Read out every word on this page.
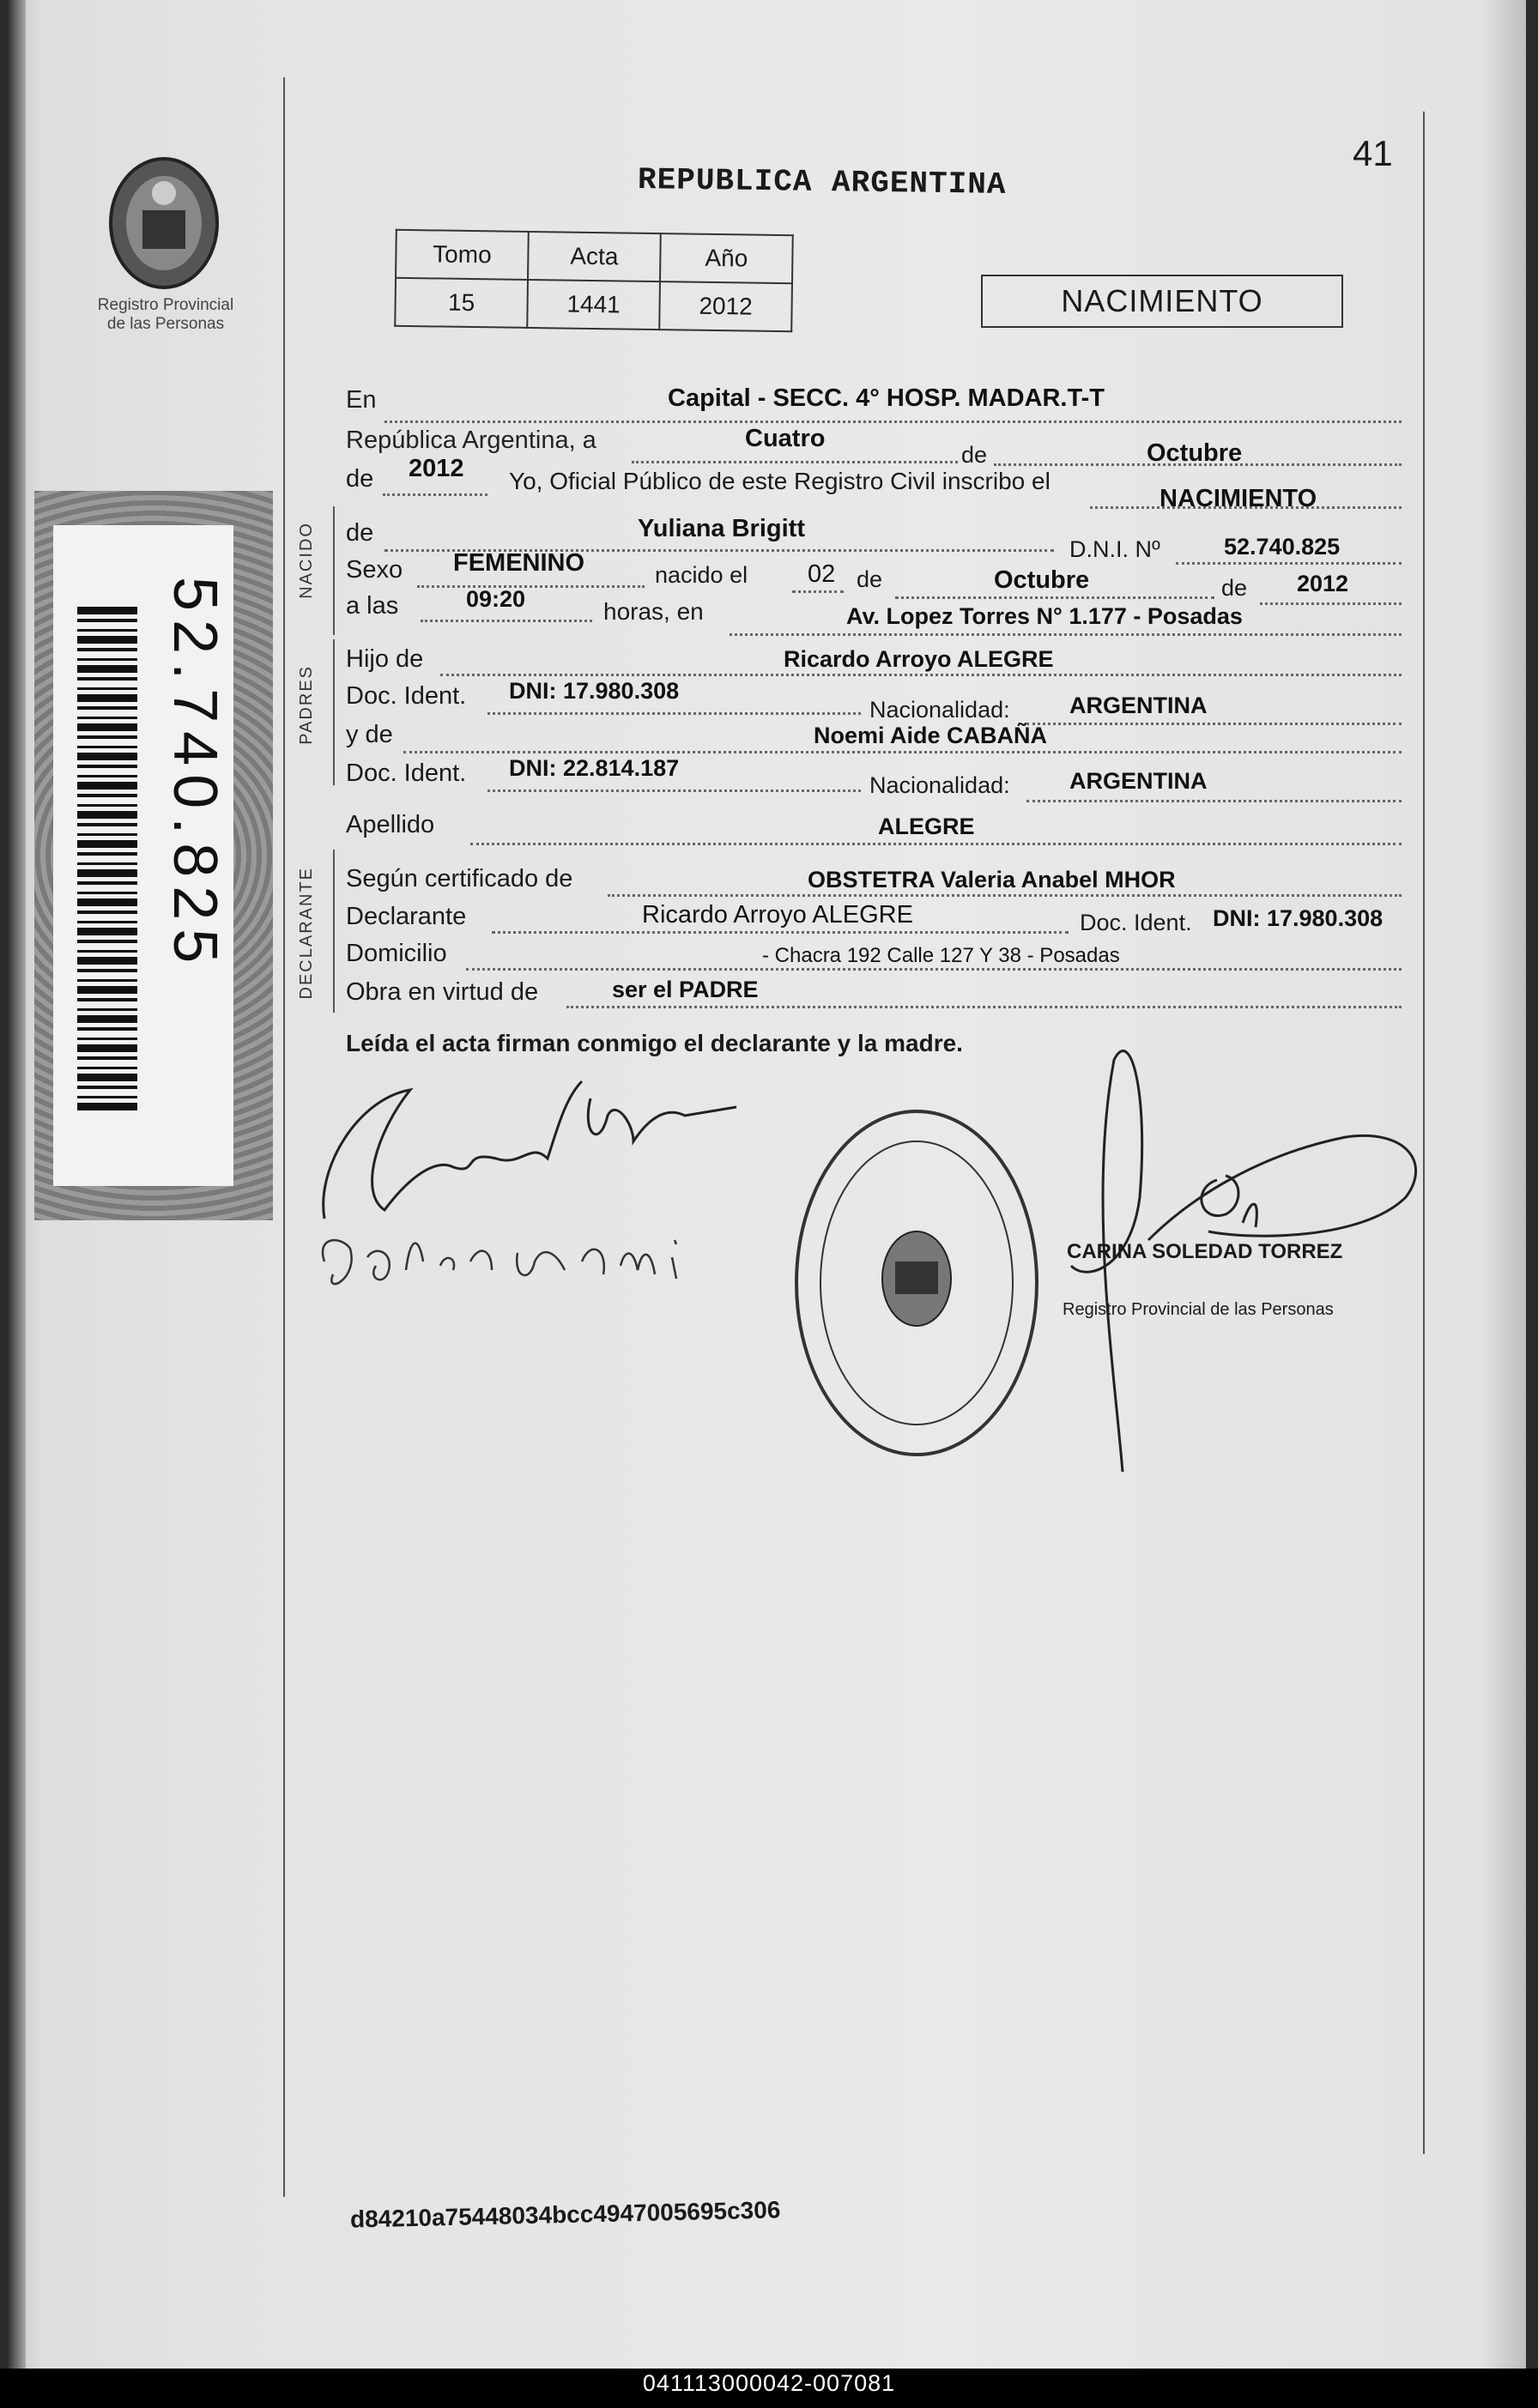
Registro Provincial
de las Personas
52.740.825
REPUBLICA ARGENTINA
41
Tomo	Acta	Año
15	1441	2012	NACIMIENTO
En	Capital - SECC. 4° HOSP. MADAR.T-T
República Argentina, a	Cuatro
de	Octubre
de 2012 Yo, Oficial Público de este Registro Civil inscribo el
NACIMIENTO
NACIDO de	Yuliana Brigitt
D.N.I. Nº	52.740.825
Sexo FEMENINO	nacido el 02 de	Octubre	de 2012
a las	09:20	horas, en	Av. Lopez Torres N° 1.177 - Posadas
PADRES
Hijo de	Ricardo Arroyo ALEGRE
Doc. Ident. DNI: 17.980.308
Nacionalidad:	ARGENTINA
y de	Noemi Aide CABAÑA
Doc. Ident. DNI: 22.814.187
Nacionalidad:	ARGENTINA
Apellido	ALEGRE
DECLARANTE Según certificado de	OBSTETRA Valeria Anabel MHOR
Declarante	Ricardo Arroyo ALEGRE	Doc. Ident. DNI: 17.980.308
Domicilio	- Chacra 192 Calle 127 Y 38 - Posadas
Obra en virtud de	ser el PADRE
Leída el acta firman conmigo el declarante y la madre.
CARINA SOLEDAD TORREZ
Registro Provincial de las Personas
d84210a75448034bcc4947005695c306
041113000042-007081
